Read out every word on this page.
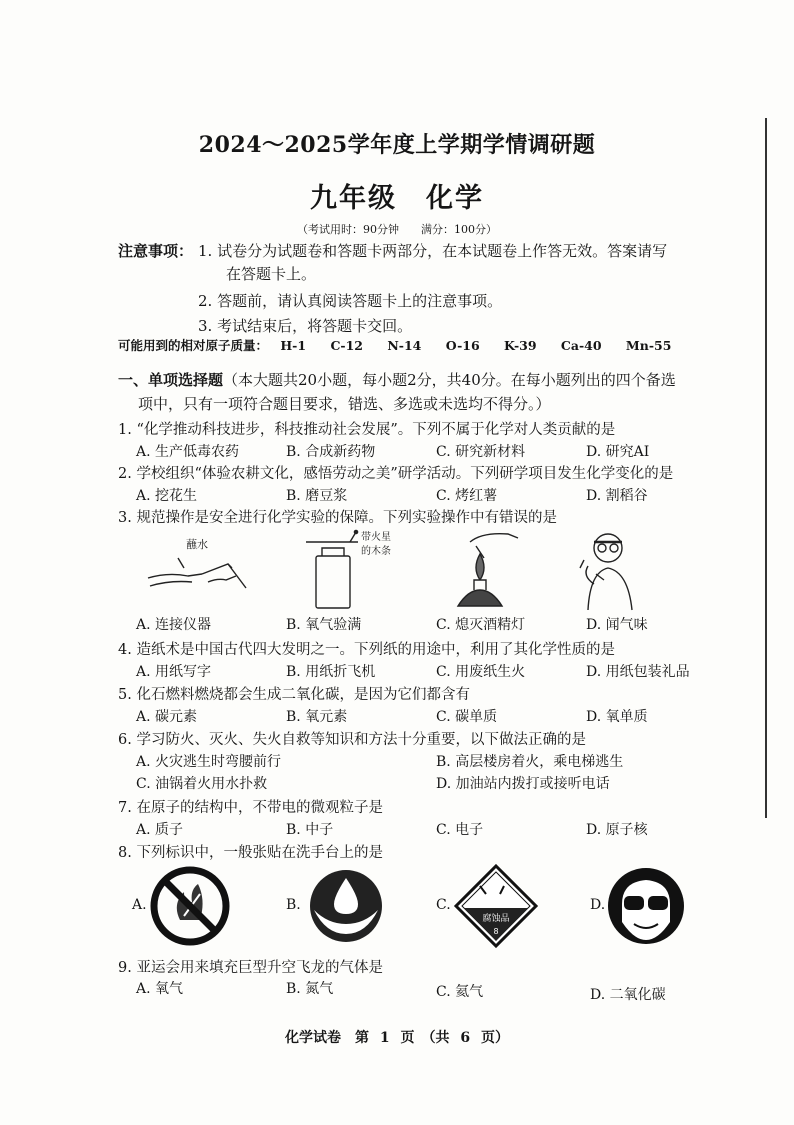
2024～2025学年度上学期学情调研题
九年级　化学
（考试用时：90分钟　　满分：100分）
注意事项： 1. 试卷分为试题卷和答题卡两部分，在本试题卷上作答无效。答案请写
在答题卡上。
2. 答题前，请认真阅读答题卡上的注意事项。
3. 考试结束后，将答题卡交回。
可能用到的相对原子质量： H-1 C-12 N-14 O-16 K-39 Ca-40 Mn-55
一、单项选择题（本大题共20小题，每小题2分，共40分。在每小题列出的四个备选
项中，只有一项符合题目要求，错选、多选或未选均不得分。）
1. “化学推动科技进步，科技推动社会发展”。下列不属于化学对人类贡献的是
A. 生产低毒农药	B. 合成新药物	C. 研究新材料	D. 研究AI
2. 学校组织“体验农耕文化，感悟劳动之美”研学活动。下列研学项目发生化学变化的是
A. 挖花生	B. 磨豆浆	C. 烤红薯	D. 割稻谷
3. 规范操作是安全进行化学实验的保障。下列实验操作中有错误的是
蘸水
带火星
的木条
A. 连接仪器	B. 氧气验满	C. 熄灭酒精灯	D. 闻气味
4. 造纸术是中国古代四大发明之一。下列纸的用途中，利用了其化学性质的是
A. 用纸写字	B. 用纸折飞机	C. 用废纸生火	D. 用纸包装礼品
5. 化石燃料燃烧都会生成二氧化碳，是因为它们都含有
A. 碳元素	B. 氧元素	C. 碳单质	D. 氧单质
6. 学习防火、灭火、失火自救等知识和方法十分重要，以下做法正确的是
A. 火灾逃生时弯腰前行	B. 高层楼房着火，乘电梯逃生
C. 油锅着火用水扑救	D. 加油站内拨打或接听电话
7. 在原子的结构中，不带电的微观粒子是
A. 质子	B. 中子	C. 电子	D. 原子核
8. 下列标识中，一般张贴在洗手台上的是
A.	B.	C.	D.
腐蚀品
8
9. 亚运会用来填充巨型升空飞龙的气体是
A. 氧气	B. 氮气	C. 氦气	D. 二氧化碳
化学试卷　第 1 页　（共 6 页）
